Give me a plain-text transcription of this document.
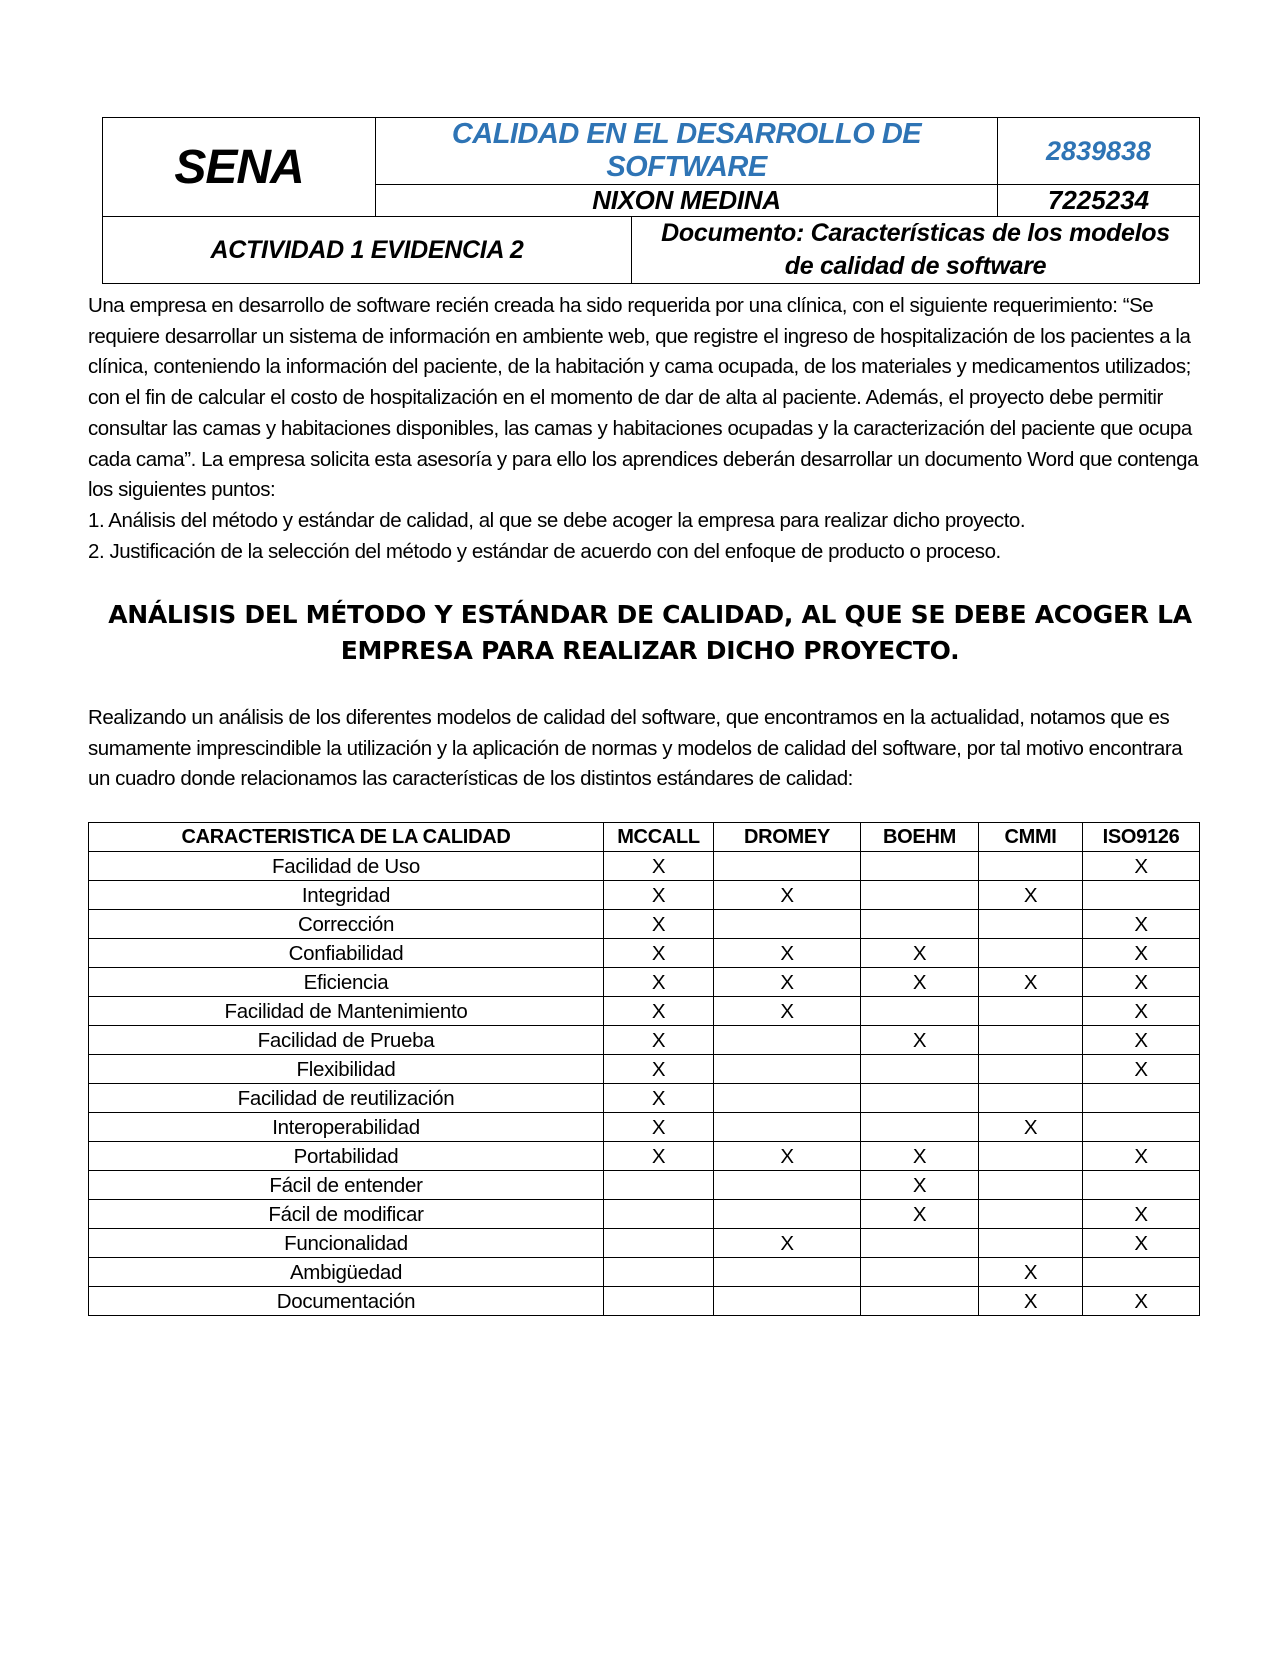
SENA	CALIDAD EN EL DESARROLLO DE SOFTWARE		2839838
	NIXON MEDINA		7225234
ACTIVIDAD 1 EVIDENCIA 2		Documento: Características de los modelos
de calidad de software	

Una empresa en desarrollo de software recién creada ha sido requerida por una clínica, con el siguiente requerimiento: “Se requiere desarrollar un sistema de información en ambiente web, que registre el ingreso de hospitalización de los pacientes a la clínica, conteniendo la información del paciente, de la habitación y cama ocupada, de los materiales y medicamentos utilizados; con el fin de calcular el costo de hospitalización en el momento de dar de alta al paciente. Además, el proyecto debe permitir consultar las camas y habitaciones disponibles, las camas y habitaciones ocupadas y la caracterización del paciente que ocupa cada cama”. La empresa solicita esta asesoría y para ello los aprendices deberán desarrollar un documento Word que contenga los siguientes puntos:

1. Análisis del método y estándar de calidad, al que se debe acoger la empresa para realizar dicho proyecto.

2. Justificación de la selección del método y estándar de acuerdo con del enfoque de producto o proceso.

ANÁLISIS DEL MÉTODO Y ESTÁNDAR DE CALIDAD, AL QUE SE DEBE ACOGER LA EMPRESA PARA REALIZAR DICHO PROYECTO.

Realizando un análisis de los diferentes modelos de calidad del software, que encontramos en la actualidad, notamos que es sumamente imprescindible la utilización y la aplicación de normas y modelos de calidad del software, por tal motivo encontrara un cuadro donde relacionamos las características de los distintos estándares de calidad:

CARACTERISTICA DE LA CALIDAD	MCCALL	DROMEY	BOEHM	CMMI	ISO9126
Facilidad de Uso	X				X
Integridad	X	X		X	
Corrección	X				X
Confiabilidad	X	X	X		X
Eficiencia	X	X	X	X	X
Facilidad de Mantenimiento	X	X			X
Facilidad de Prueba	X		X		X
Flexibilidad	X				X
Facilidad de reutilización	X				
Interoperabilidad	X			X	
Portabilidad	X	X	X		X
Fácil de entender			X		
Fácil de modificar			X		X
Funcionalidad		X			X
Ambigüedad				X	
Documentación				X	X
